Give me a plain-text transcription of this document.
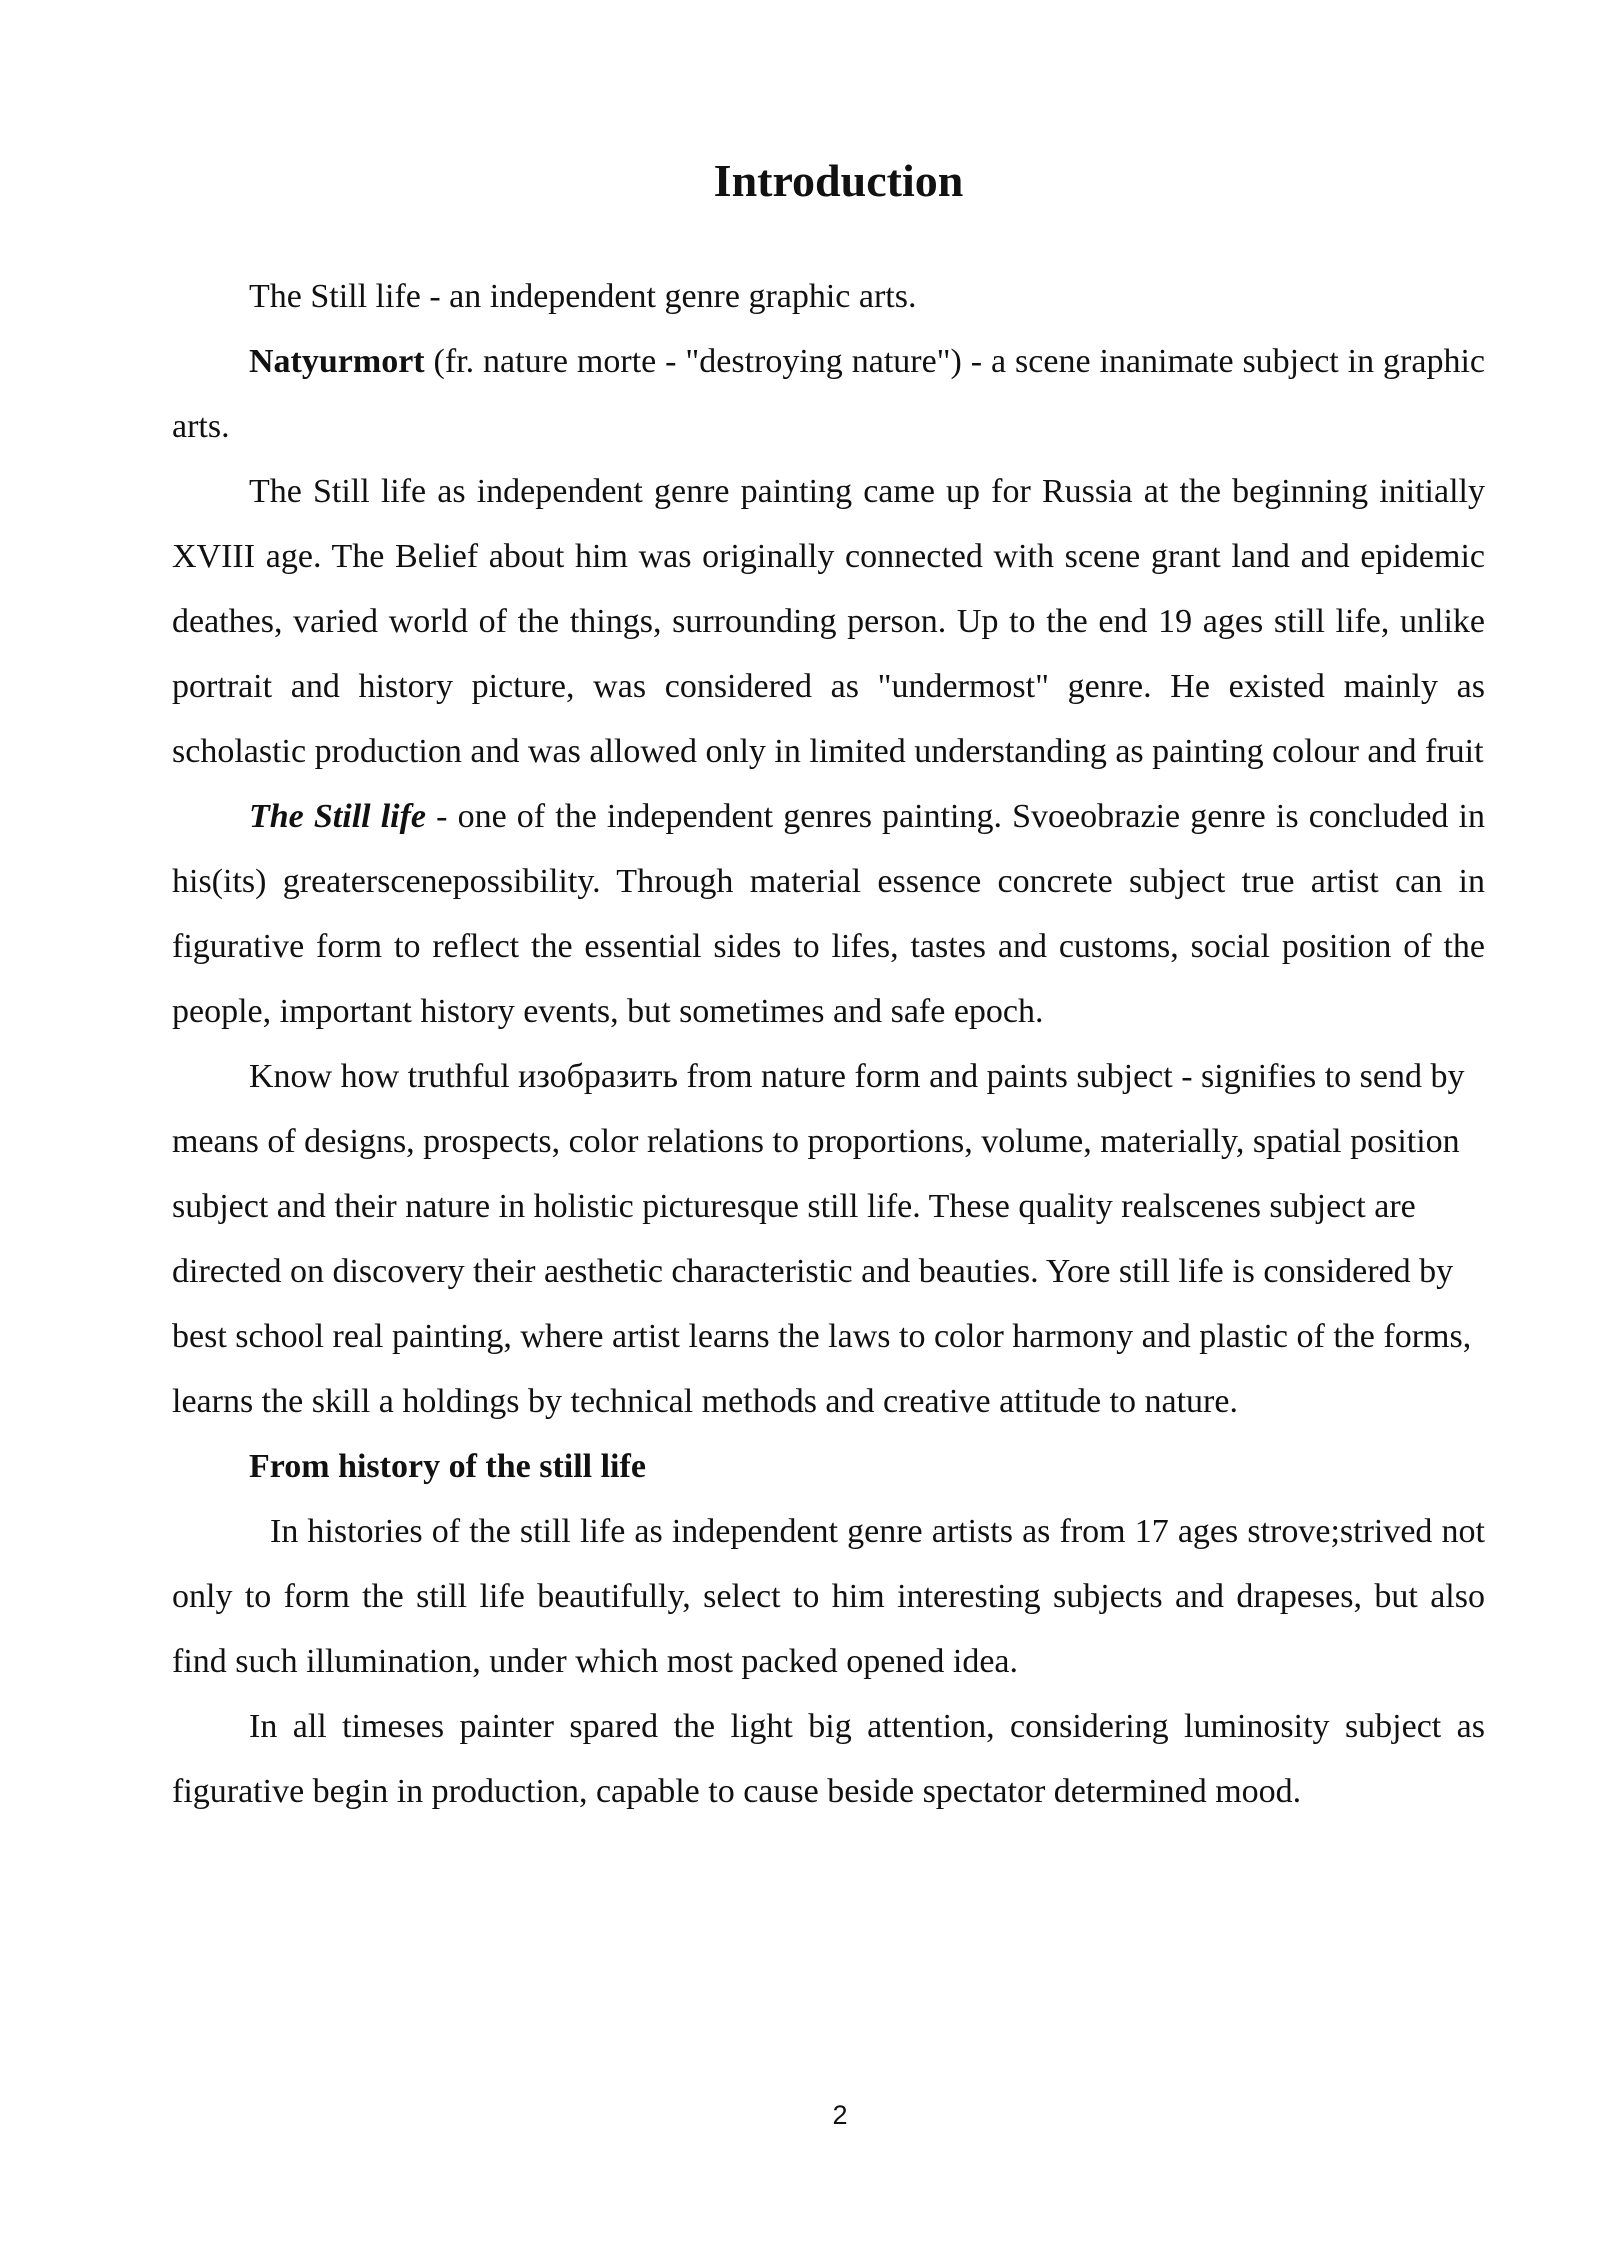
Introduction

The Still life - an independent genre graphic arts.

Natyurmort (fr. nature morte - "destroying nature") - a scene inanimate subject in graphic arts.

The Still life as independent genre painting came up for Russia at the beginning initially XVIII age. The Belief about him was originally connected with scene grant land and epidemic deathes, varied world of the things, surrounding person. Up to the end 19 ages still life, unlike portrait and history picture, was considered as "undermost" genre. He existed mainly as scholastic production and was allowed only in limited understanding as painting colour and fruit

The Still life - one of the independent genres painting. Svoeobrazie genre is concluded in his(its) greaterscenepossibility. Through material essence concrete subject true artist can in figurative form to reflect the essential sides to lifes, tastes and customs, social position of the people, important history events, but sometimes and safe epoch.

Know how truthful изобразить from nature form and paints subject - signifies to send by means of designs, prospects, color relations to proportions, volume, materially, spatial position subject and their nature in holistic picturesque still life. These quality realscenes subject are directed on discovery their aesthetic characteristic and beauties. Yore still life is considered by best school real painting, where artist learns the laws to color harmony and plastic of the forms, learns the skill a holdings by technical methods and creative attitude to nature.

From history of the still life

In histories of the still life as independent genre artists as from 17 ages strove;strived not only to form the still life beautifully, select to him interesting subjects and drapeses, but also find such illumination, under which most packed opened idea.

In all timeses painter spared the light big attention, considering luminosity subject as figurative begin in production, capable to cause beside spectator determined mood.

2
